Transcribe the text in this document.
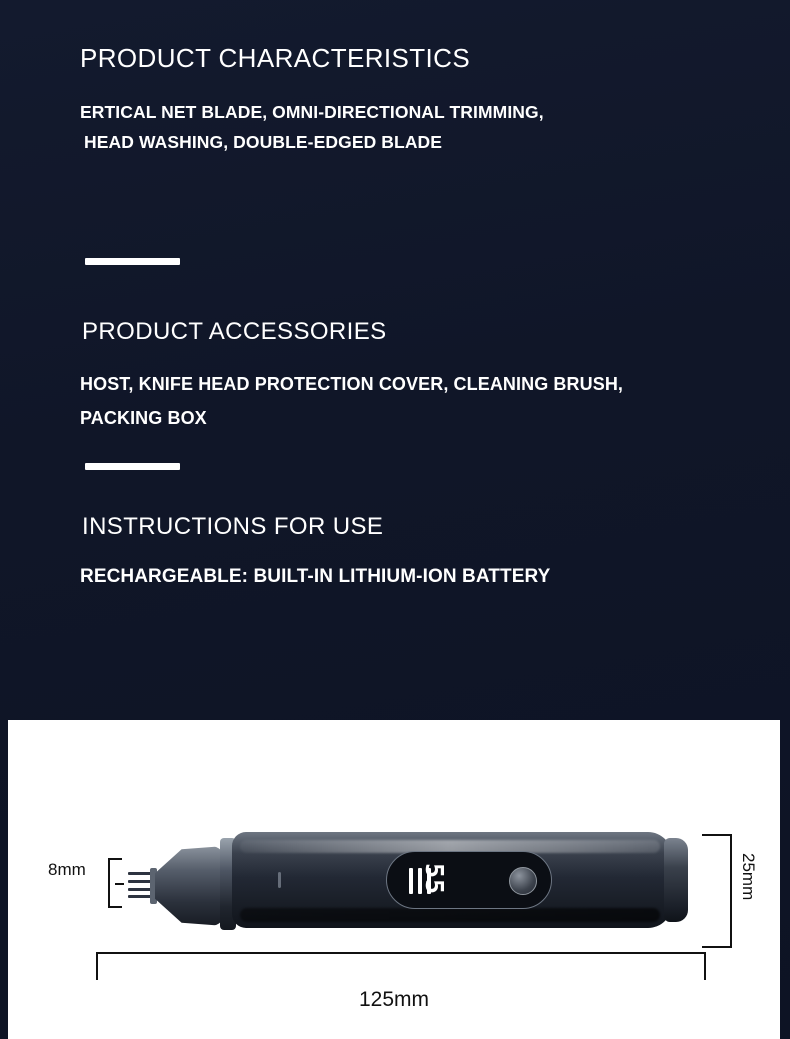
PRODUCT CHARACTERISTICS
ERTICAL NET BLADE, OMNI-DIRECTIONAL TRIMMING,
HEAD WASHING, DOUBLE-EDGED BLADE
PRODUCT ACCESSORIES
HOST, KNIFE HEAD PROTECTION COVER, CLEANING BRUSH,
PACKING BOX
INSTRUCTIONS FOR USE
RECHARGEABLE: BUILT-IN LITHIUM-ION BATTERY
55
8mm	25mm
125mm
